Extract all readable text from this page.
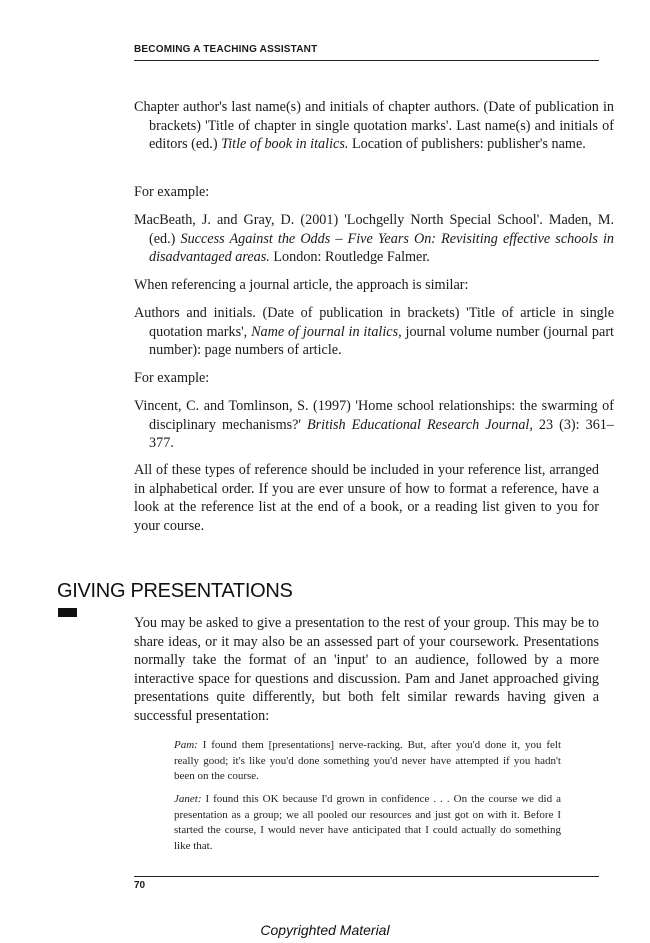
BECOMING A TEACHING ASSISTANT

Chapter author's last name(s) and initials of chapter authors. (Date of publication in brackets) 'Title of chapter in single quotation marks'. Last name(s) and initials of editors (ed.) Title of book in italics. Location of publishers: publisher's name.

For example:

MacBeath, J. and Gray, D. (2001) 'Lochgelly North Special School'. Maden, M. (ed.) Success Against the Odds – Five Years On: Revisiting effective schools in disadvantaged areas. London: Routledge Falmer.

When referencing a journal article, the approach is similar:

Authors and initials. (Date of publication in brackets) 'Title of article in single quotation marks', Name of journal in italics, journal volume number (journal part number): page numbers of article.

For example:

Vincent, C. and Tomlinson, S. (1997) 'Home school relationships: the swarming of disciplinary mechanisms?' British Educational Research Journal, 23 (3): 361–377.

All of these types of reference should be included in your reference list, arranged in alphabetical order. If you are ever unsure of how to format a reference, have a look at the reference list at the end of a book, or a reading list given to you for your course.

GIVING PRESENTATIONS

You may be asked to give a presentation to the rest of your group. This may be to share ideas, or it may also be an assessed part of your coursework. Presentations normally take the format of an 'input' to an audience, followed by a more interactive space for questions and discussion. Pam and Janet approached giving presentations quite differently, but both felt similar rewards having given a successful presentation:

Pam: I found them [presentations] nerve-racking. But, after you'd done it, you felt really good; it's like you'd done something you'd never have attempted if you hadn't been on the course.

Janet: I found this OK because I'd grown in confidence . . . On the course we did a presentation as a group; we all pooled our resources and just got on with it. Before I started the course, I would never have anticipated that I could actually do something like that.

70
Copyrighted Material
